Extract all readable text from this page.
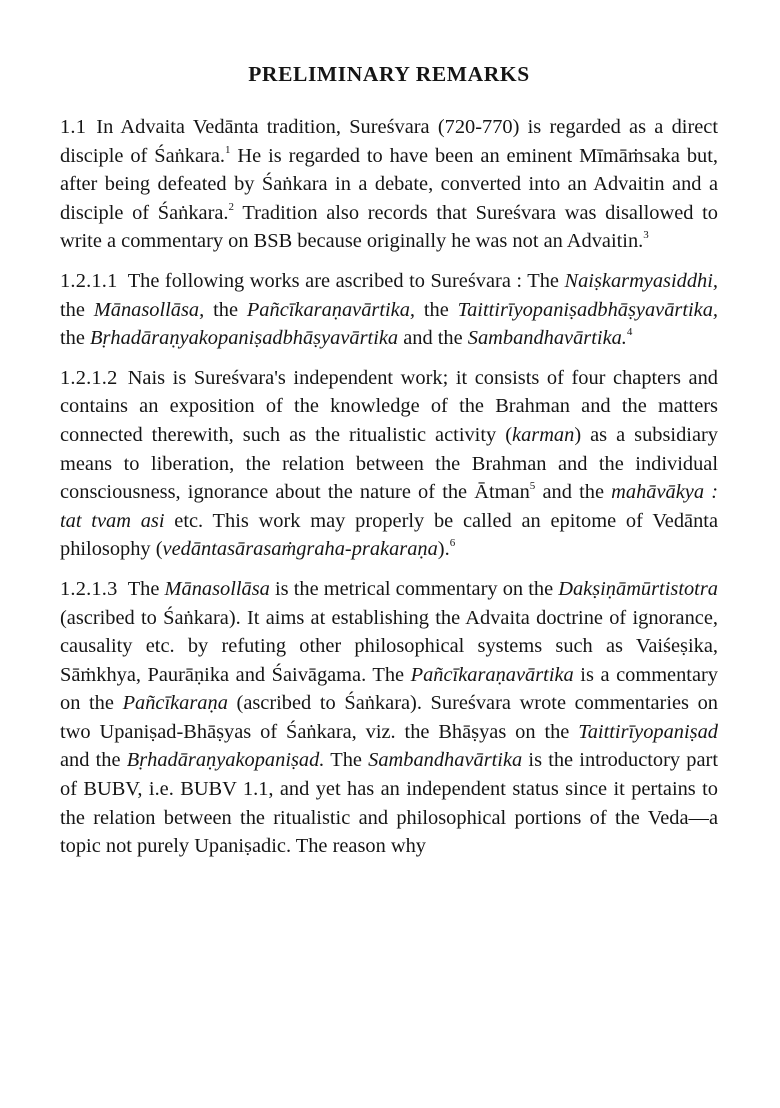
PRELIMINARY REMARKS

1.1  In Advaita Vedānta tradition, Sureśvara (720-770) is regarded as a direct disciple of Śaṅkara.$^1$ He is regarded to have been an eminent Mīmāṁsaka but, after being defeated by Śaṅkara in a debate, converted into an Advaitin and a disciple of Śaṅkara.$^2$ Tradition also records that Sureśvara was disallowed to write a commentary on BSB because originally he was not an Advaitin.$^3$

1.2.1.1  The following works are ascribed to Sureśvara : The Naiṣkarmyasiddhi, the Mānasollāsa, the Pañcīkaraṇavārtika, the Taittirīyopaniṣadbhāṣyavārtika, the Bṛhadāraṇyakopaniṣadbhāṣyavārtika and the Sambandhavārtika.$^4$

1.2.1.2  Nais is Sureśvara's independent work; it consists of four chapters and contains an exposition of the knowledge of the Brahman and the matters connected therewith, such as the ritualistic activity (karman) as a subsidiary means to liberation, the relation between the Brahman and the individual consciousness, ignorance about the nature of the Ātman$^5$ and the mahāvākya : tat tvam asi etc. This work may properly be called an epitome of Vedānta philosophy (vedāntasārasaṁgraha-prakaraṇa).$^6$

1.2.1.3  The Mānasollāsa is the metrical commentary on the Dakṣiṇāmūrtistotra (ascribed to Śaṅkara). It aims at establishing the Advaita doctrine of ignorance, causality etc. by refuting other philosophical systems such as Vaiśeṣika, Sāṁkhya, Paurāṇika and Śaivāgama. The Pañcīkaraṇavārtika is a commentary on the Pañcīkaraṇa (ascribed to Śaṅkara). Sureśvara wrote commentaries on two Upaniṣad-Bhāṣyas of Śaṅkara, viz. the Bhāṣyas on the Taittirīyopaniṣad and the Bṛhadāraṇyakopaniṣad. The Sambandhavārtika is the introductory part of BUBV, i.e. BUBV 1.1, and yet has an independent status since it pertains to the relation between the ritualistic and philosophical portions of the Veda—a topic not purely Upaniṣadic. The reason why
